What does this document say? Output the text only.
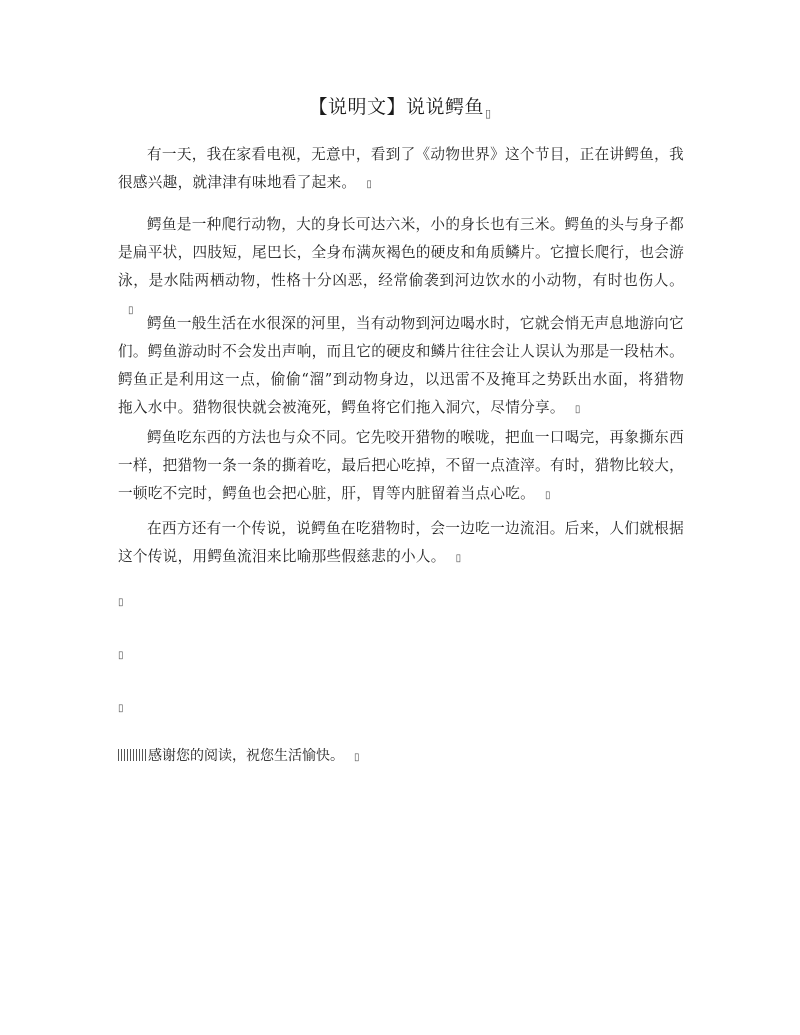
【说明文】说说鳄鱼▯
有一天，我在家看电视，无意中，看到了《动物世界》这个节目，正在讲鳄鱼，我很感兴趣，就津津有味地看了起来。 ▯
鳄鱼是一种爬行动物，大的身长可达六米，小的身长也有三米。鳄鱼的头与身子都是扁平状，四肢短，尾巴长，全身布满灰褐色的硬皮和角质鳞片。它擅长爬行，也会游泳，是水陆两栖动物，性格十分凶恶，经常偷袭到河边饮水的小动物，有时也伤人。▯
鳄鱼一般生活在水很深的河里，当有动物到河边喝水时，它就会悄无声息地游向它们。鳄鱼游动时不会发出声响，而且它的硬皮和鳞片往往会让人误认为那是一段枯木。鳄鱼正是利用这一点，偷偷“溜”到动物身边，以迅雷不及掩耳之势跃出水面，将猎物拖入水中。猎物很快就会被淹死，鳄鱼将它们拖入洞穴，尽情分享。 ▯
鳄鱼吃东西的方法也与众不同。它先咬开猎物的喉咙，把血一口喝完，再象撕东西一样，把猎物一条一条的撕着吃，最后把心吃掉，不留一点渣滓。有时，猎物比较大，一顿吃不完时，鳄鱼也会把心脏，肝，胃等内脏留着当点心吃。 ▯
在西方还有一个传说，说鳄鱼在吃猎物时，会一边吃一边流泪。后来，人们就根据这个传说，用鳄鱼流泪来比喻那些假慈悲的小人。 ▯
▯
▯
▯
感谢您的阅读，祝您生活愉快。 ▯
